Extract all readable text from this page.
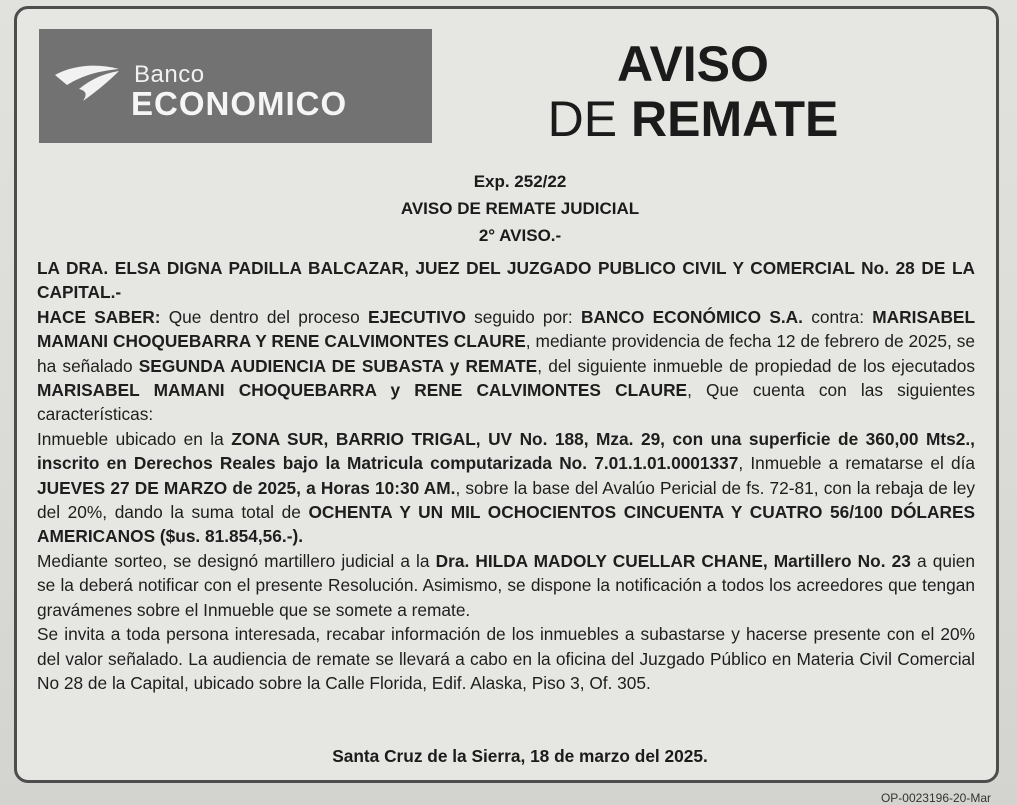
Banco
ECONOMICO
AVISO
DE REMATE
Exp. 252/22
AVISO DE REMATE JUDICIAL
2° AVISO.-

LA DRA. ELSA DIGNA PADILLA BALCAZAR, JUEZ DEL JUZGADO PUBLICO CIVIL Y COMERCIAL No. 28 DE LA CAPITAL.-

HACE SABER: Que dentro del proceso EJECUTIVO seguido por: BANCO ECONÓMICO S.A. contra: MARISABEL MAMANI CHOQUEBARRA Y RENE CALVIMONTES CLAURE, mediante providencia de fecha 12 de febrero de 2025, se ha señalado SEGUNDA AUDIENCIA DE SUBASTA y REMATE, del siguiente inmueble de propiedad de los ejecutados MARISABEL MAMANI CHOQUEBARRA y RENE CALVIMONTES CLAURE, Que cuenta con las siguientes características:

Inmueble ubicado en la ZONA SUR, BARRIO TRIGAL, UV No. 188, Mza. 29, con una superficie de 360,00 Mts2., inscrito en Derechos Reales bajo la Matricula computarizada No. 7.01.1.01.0001337, Inmueble a rematarse el día JUEVES 27 DE MARZO de 2025, a Horas 10:30 AM., sobre la base del Avalúo Pericial de fs. 72-81, con la rebaja de ley del 20%, dando la suma total de OCHENTA Y UN MIL OCHOCIENTOS CINCUENTA Y CUATRO 56/100 DÓLARES AMERICANOS ($us. 81.854,56.-).

Mediante sorteo, se designó martillero judicial a la Dra. HILDA MADOLY CUELLAR CHANE, Martillero No. 23 a quien se la deberá notificar con el presente Resolución. Asimismo, se dispone la notificación a todos los acreedores que tengan gravámenes sobre el Inmueble que se somete a remate.

Se invita a toda persona interesada, recabar información de los inmuebles a subastarse y hacerse presente con el 20% del valor señalado. La audiencia de remate se llevará a cabo en la oficina del Juzgado Público en Materia Civil Comercial No 28 de la Capital, ubicado sobre la Calle Florida, Edif. Alaska, Piso 3, Of. 305.

Santa Cruz de la Sierra, 18 de marzo del 2025.
OP-0023196-20-Mar
